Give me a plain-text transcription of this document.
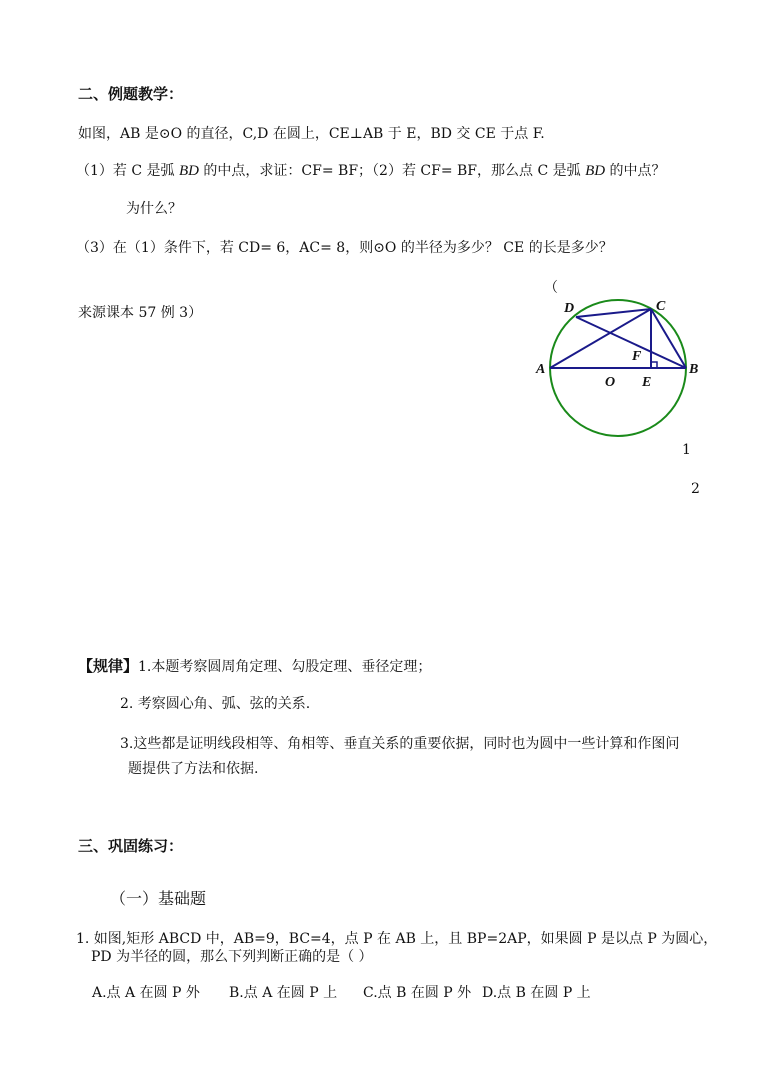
二、例题教学：
如图，AB 是⊙O 的直径，C,D 在圆上，CE⊥AB 于 E，BD 交 CE 于点 F.
（1）若 C 是弧 BD 的中点，求证：CF= BF；（2）若 CF= BF，那么点 C 是弧 BD 的中点？
为什么？
（3）在（1）条件下，若 CD= 6，AC= 8，则⊙O 的半径为多少？ CE 的长是多少？
来源课本 57 例 3）
（
A	B
C
D
E
F
O
1
2
【规律】1.本题考察圆周角定理、勾股定理、垂径定理；
2. 考察圆心角、弧、弦的关系.
3.这些都是证明线段相等、角相等、垂直关系的重要依据，同时也为圆中一些计算和作图问
题提供了方法和依据.
三、巩固练习：
（一）基础题
1. 如图,矩形 ABCD 中，AB=9，BC=4，点 P 在 AB 上，且 BP=2AP，如果圆 P 是以点 P 为圆心，
PD 为半径的圆，那么下列判断正确的是（ ）
A.点 A 在圆 P 外 B.点 A 在圆 P 上 C.点 B 在圆 P 外 D.点 B 在圆 P 上
